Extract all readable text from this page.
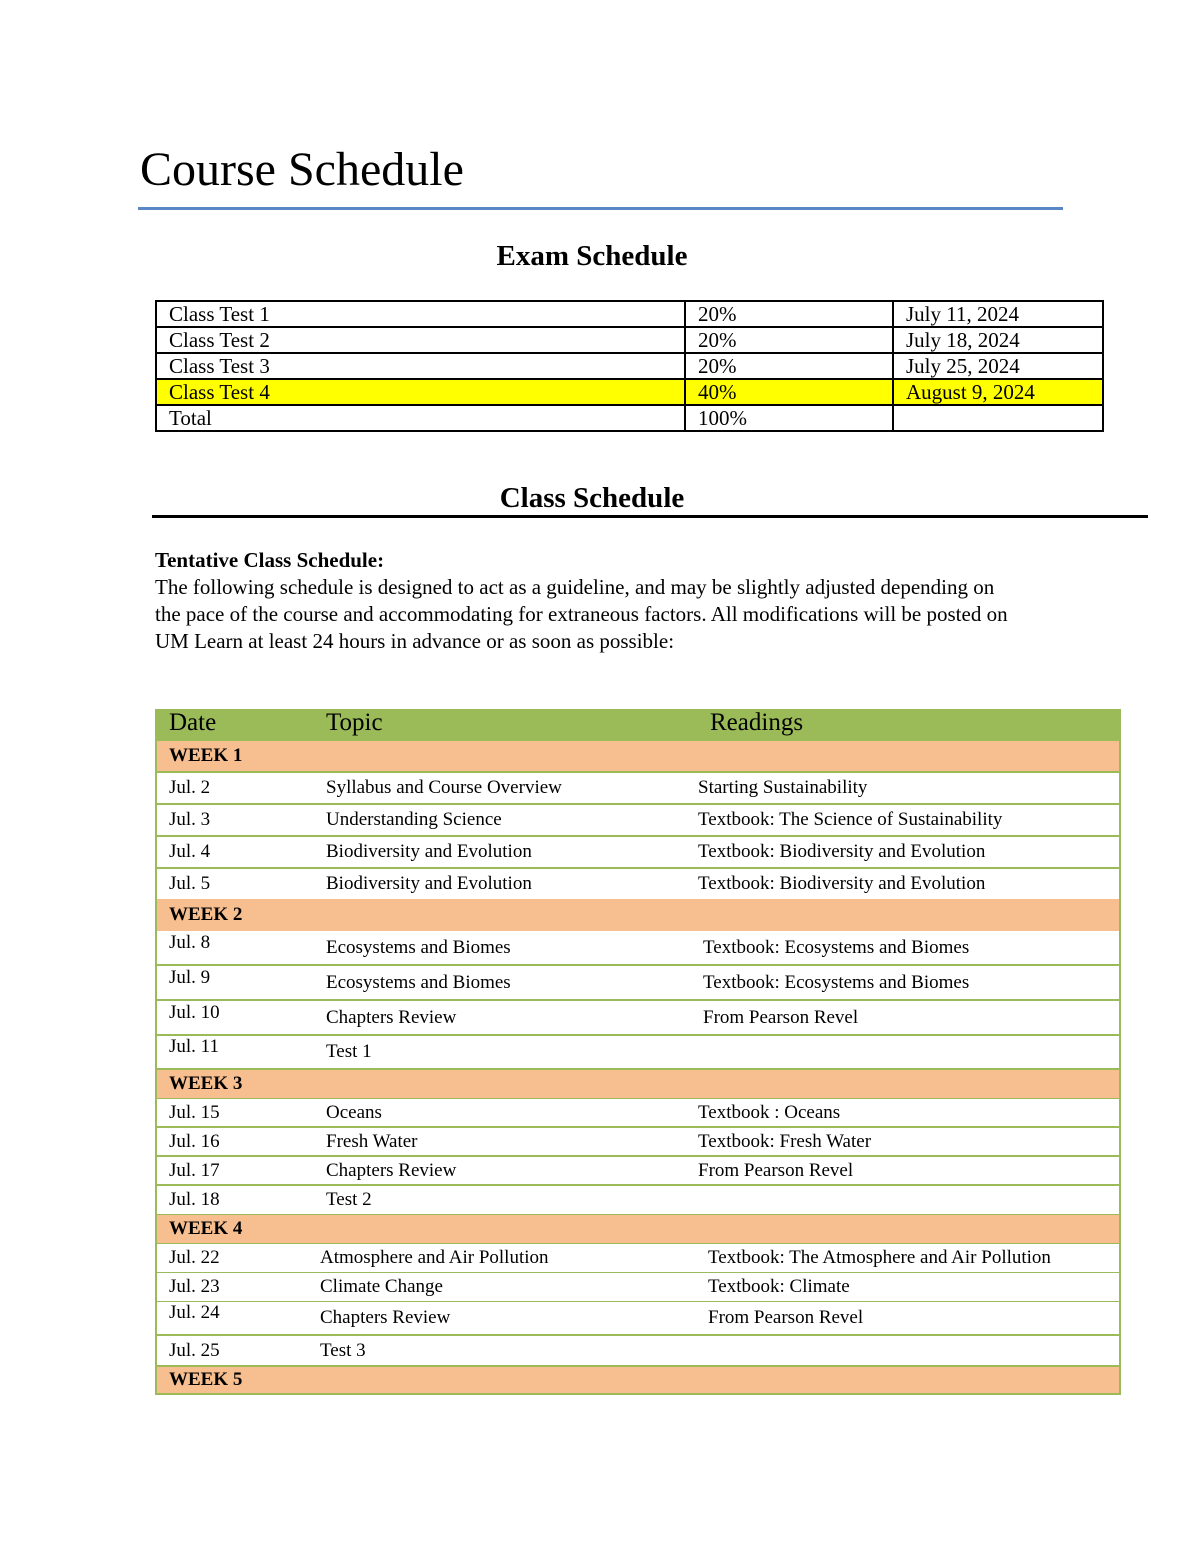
Course Schedule
Exam Schedule
Class Test 1	20%	July 11, 2024
Class Test 2	20%	July 18, 2024
Class Test 3	20%	July 25, 2024
Class Test 4	40%	August 9, 2024
Total	100%	
Class Schedule
Tentative Class Schedule:
The following schedule is designed to act as a guideline, and may be slightly adjusted depending on the pace of the course and accommodating for extraneous factors. All modifications will be posted on UM Learn at least 24 hours in advance or as soon as possible:
Date	Topic	Readings
WEEK 1
Jul. 2	Syllabus and Course Overview	Starting Sustainability
Jul. 3	Understanding Science	Textbook: The Science of Sustainability
Jul. 4	Biodiversity and Evolution	Textbook: Biodiversity and Evolution
Jul. 5	Biodiversity and Evolution	Textbook: Biodiversity and Evolution
WEEK 2
Jul. 8	Ecosystems and Biomes	Textbook: Ecosystems and Biomes
Jul. 9	Ecosystems and Biomes	Textbook: Ecosystems and Biomes
Jul. 10	Chapters Review	From Pearson Revel
Jul. 11	Test 1
WEEK 3
Jul. 15	Oceans	Textbook : Oceans
Jul. 16	Fresh Water	Textbook: Fresh Water
Jul. 17	Chapters Review	From Pearson Revel
Jul. 18	Test 2
WEEK 4
Jul. 22	Atmosphere and Air Pollution	Textbook: The Atmosphere and Air Pollution
Jul. 23	Climate Change	Textbook: Climate
Jul. 24	Chapters Review	From Pearson Revel
Jul. 25	Test 3
WEEK 5
